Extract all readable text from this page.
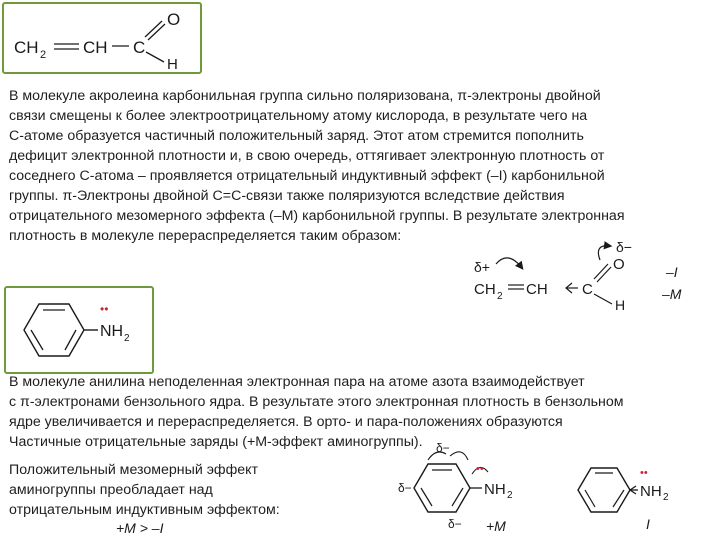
CH 2 CH C
O
H
В молекуле акролеина карбонильная группа сильно поляризована, π-электроны двойной
связи смещены к более электроотрицательному атому кислорода, в результате чего на
С-атоме образуется частичный положительный заряд. Этот атом стремится пополнить
дефицит электронной плотности и, в свою очередь, оттягивает электронную плотность от
соседнего С-атома – проявляется отрицательный индуктивный эффект (–I) карбонильной
группы. π-Электроны двойной С=С-связи также поляризуются вследствие действия
отрицательного мезомерного эффекта (–M) карбонильной группы. В результате электронная
плотность в молекуле перераспределяется таким образом:
δ+
CH 2 CH C
O
δ−
H
–I
–M
••
NH 2
В молекуле анилина неподеленная электронная пара на атоме азота взаимодействует
с π-электронами бензольного ядра. В результате этого электронная плотность в бензольном
ядре увеличивается и перераспределяется. В орто- и пара-положениях образуются
Частичные отрицательные заряды (+M-эффект аминогруппы).
Положительный мезомерный эффект
аминогруппы преобладает над
отрицательным индуктивным эффектом:
+M > –I
••
NH 2
δ−
δ−
δ− +M
••
NH 2
I
